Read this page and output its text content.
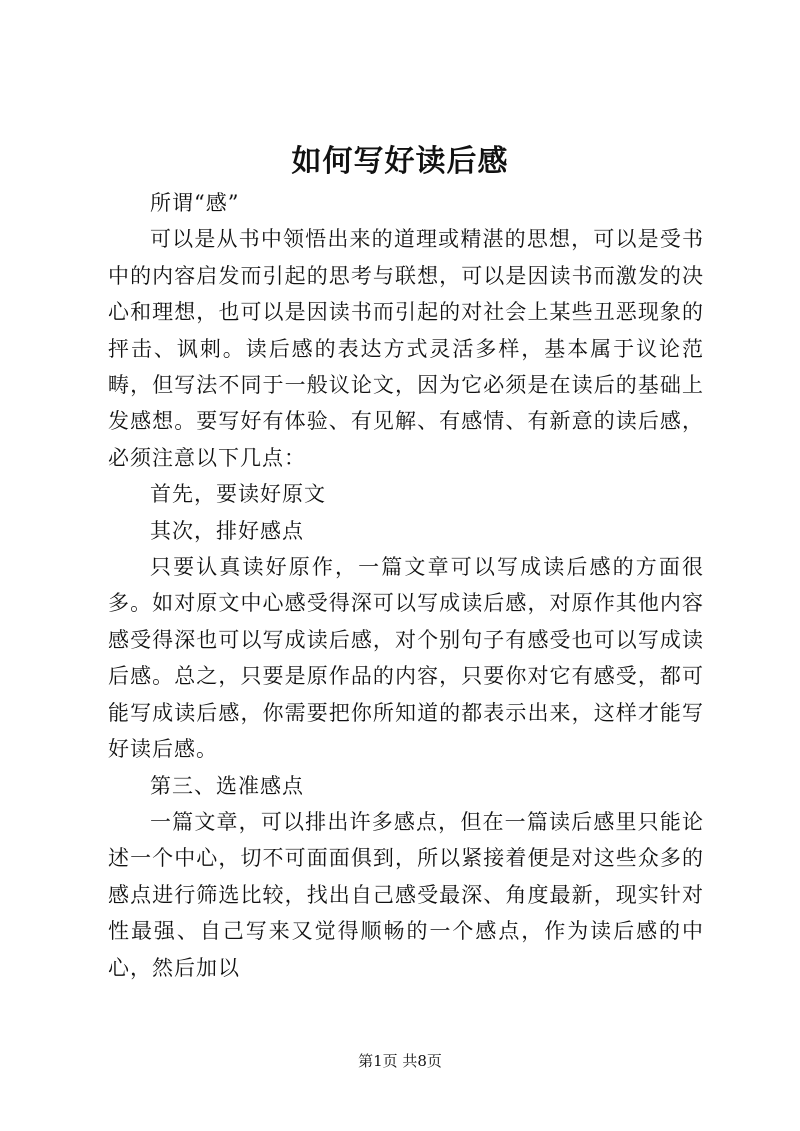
如何写好读后感

所谓“感”

可以是从书中领悟出来的道理或精湛的思想，可以是受书中的内容启发而引起的思考与联想，可以是因读书而激发的决心和理想，也可以是因读书而引起的对社会上某些丑恶现象的抨击、讽刺。读后感的表达方式灵活多样，基本属于议论范畴，但写法不同于一般议论文，因为它必须是在读后的基础上发感想。要写好有体验、有见解、有感情、有新意的读后感，必须注意以下几点：

首先，要读好原文

其次，排好感点

只要认真读好原作，一篇文章可以写成读后感的方面很多。如对原文中心感受得深可以写成读后感，对原作其他内容感受得深也可以写成读后感，对个别句子有感受也可以写成读后感。总之，只要是原作品的内容，只要你对它有感受，都可能写成读后感，你需要把你所知道的都表示出来，这样才能写好读后感。

第三、选准感点

一篇文章，可以排出许多感点，但在一篇读后感里只能论述一个中心，切不可面面俱到，所以紧接着便是对这些众多的感点进行筛选比较，找出自己感受最深、角度最新，现实针对性最强、自己写来又觉得顺畅的一个感点，作为读后感的中心，然后加以

第1页 共8页
